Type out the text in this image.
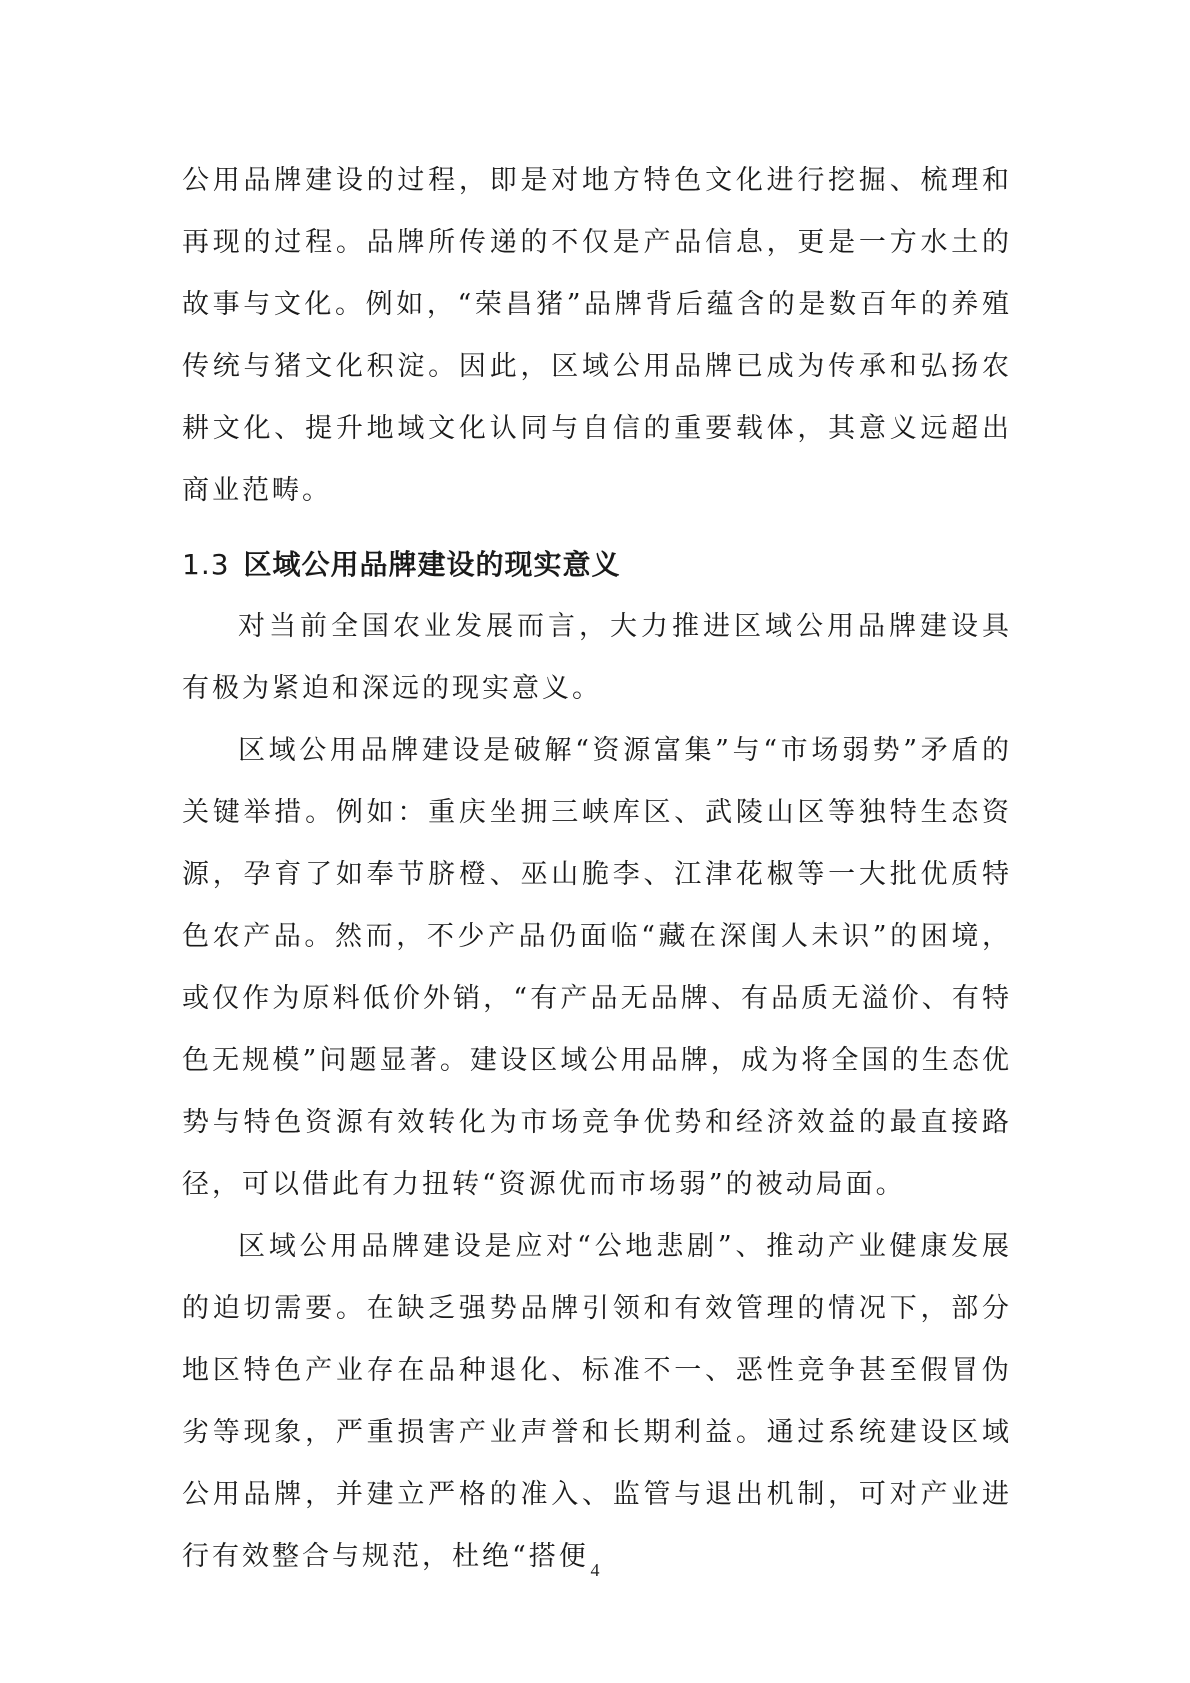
公用品牌建设的过程，即是对地方特色文化进行挖掘、梳理和再现的过程。品牌所传递的不仅是产品信息，更是一方水土的故事与文化。例如，“荣昌猪”品牌背后蕴含的是数百年的养殖传统与猪文化积淀。因此，区域公用品牌已成为传承和弘扬农耕文化、提升地域文化认同与自信的重要载体，其意义远超出商业范畴。

1.3 区域公用品牌建设的现实意义

对当前全国农业发展而言，大力推进区域公用品牌建设具有极为紧迫和深远的现实意义。

区域公用品牌建设是破解“资源富集”与“市场弱势”矛盾的关键举措。例如：重庆坐拥三峡库区、武陵山区等独特生态资源，孕育了如奉节脐橙、巫山脆李、江津花椒等一大批优质特色农产品。然而，不少产品仍面临“藏在深闺人未识”的困境，或仅作为原料低价外销，“有产品无品牌、有品质无溢价、有特色无规模”问题显著。建设区域公用品牌，成为将全国的生态优势与特色资源有效转化为市场竞争优势和经济效益的最直接路径，可以借此有力扭转“资源优而市场弱”的被动局面。

区域公用品牌建设是应对“公地悲剧”、推动产业健康发展的迫切需要。在缺乏强势品牌引领和有效管理的情况下，部分地区特色产业存在品种退化、标准不一、恶性竞争甚至假冒伪劣等现象，严重损害产业声誉和长期利益。通过系统建设区域公用品牌，并建立严格的准入、监管与退出机制，可对产业进行有效整合与规范，杜绝“搭便 4
